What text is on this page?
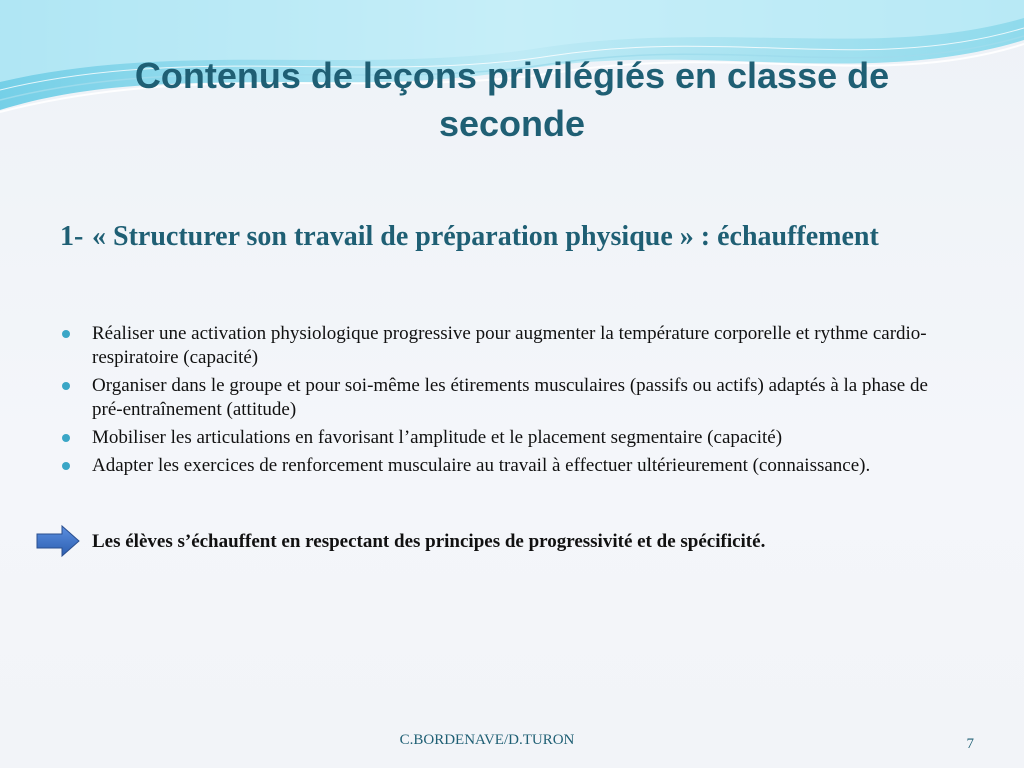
Contenus de leçons privilégiés en classe de seconde
1- « Structurer son travail de préparation physique » : échauffement
Réaliser une activation physiologique progressive pour augmenter la température corporelle et rythme cardio-respiratoire (capacité)
Organiser dans le groupe et pour soi-même les étirements musculaires (passifs ou actifs) adaptés à la phase de pré-entraînement (attitude)
Mobiliser les articulations en favorisant l’amplitude et le placement segmentaire (capacité)
Adapter les exercices de renforcement musculaire au travail à effectuer ultérieurement (connaissance).

Les élèves s’échauffent en respectant des principes de progressivité et de spécificité.

C.BORDENAVE/D.TURON	7
